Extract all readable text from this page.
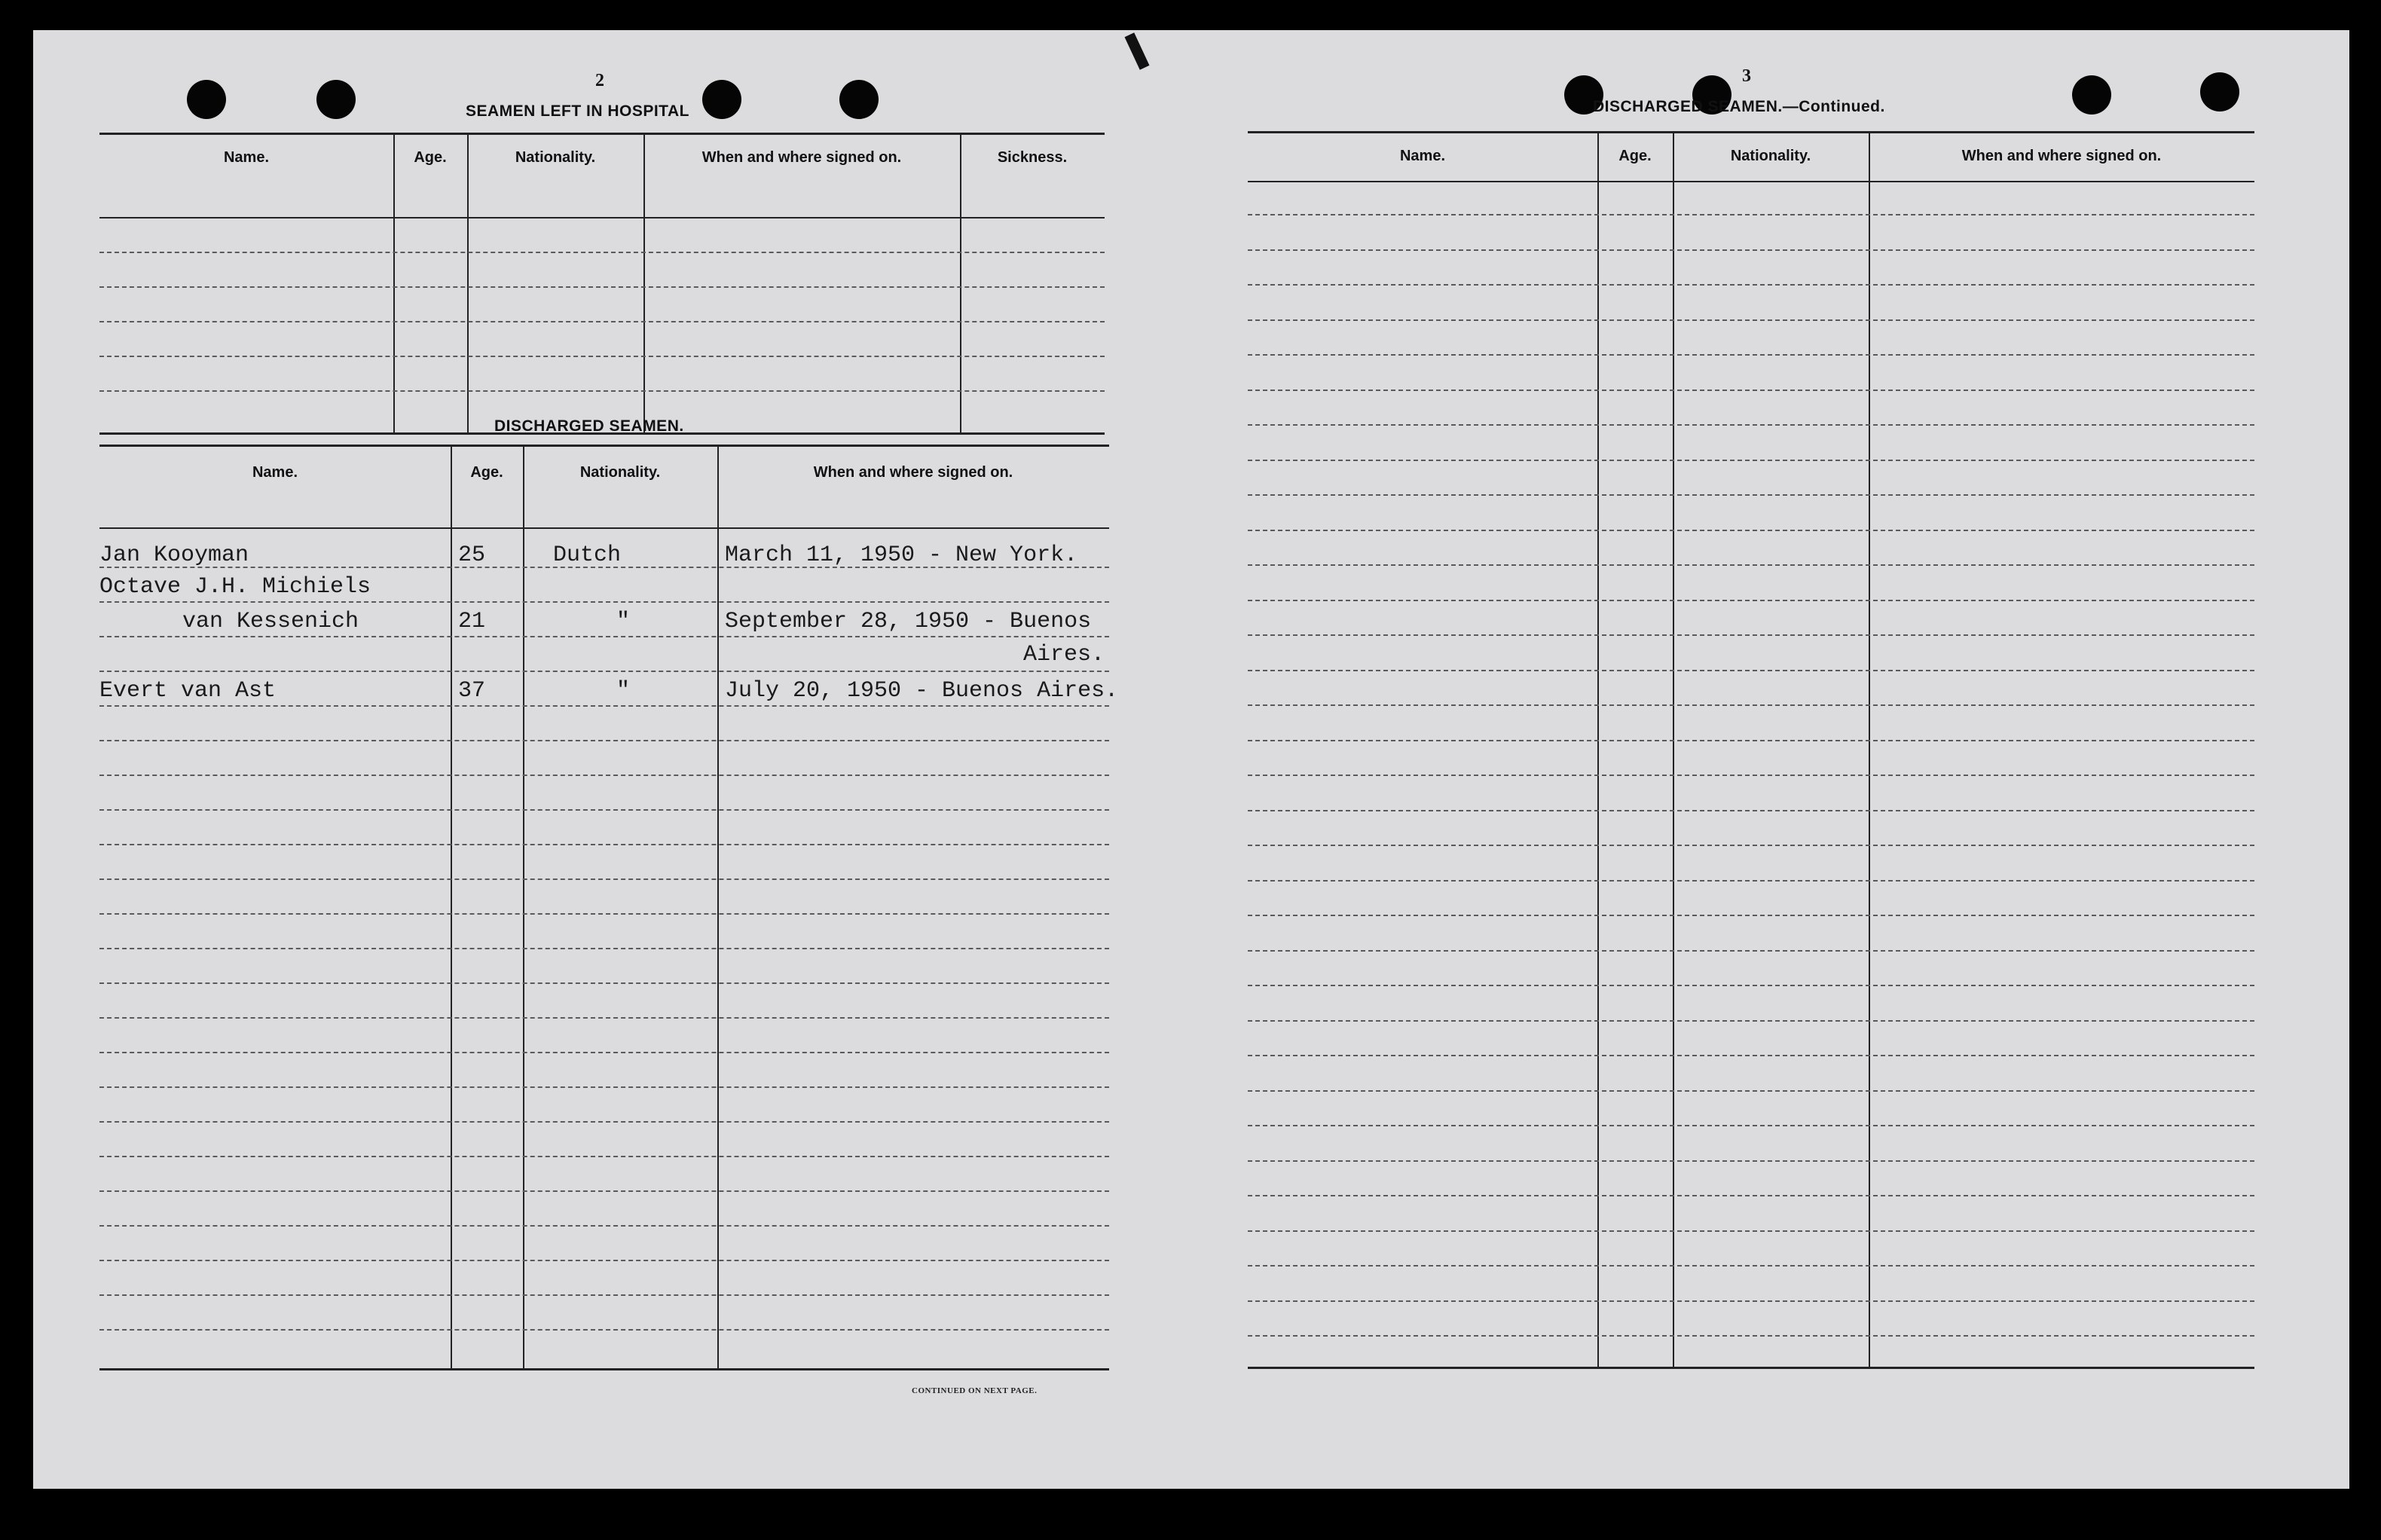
2
SEAMEN LEFT IN HOSPITAL
Name.	Age.	Nationality.	When and where signed on.	Sickness.
DISCHARGED SEAMEN.
Name.	Age.	Nationality.	When and where signed on.
Jan Kooyman	25	Dutch	March 11, 1950 - New York.
Octave J.H. Michiels
van Kessenich	21	"	September 28, 1950 - Buenos
Aires.
Evert van Ast	37	"	July 20, 1950 - Buenos Aires.
CONTINUED ON NEXT PAGE.
3
DISCHARGED SEAMEN.—Continued.
Name.	Age.	Nationality.	When and where signed on.
